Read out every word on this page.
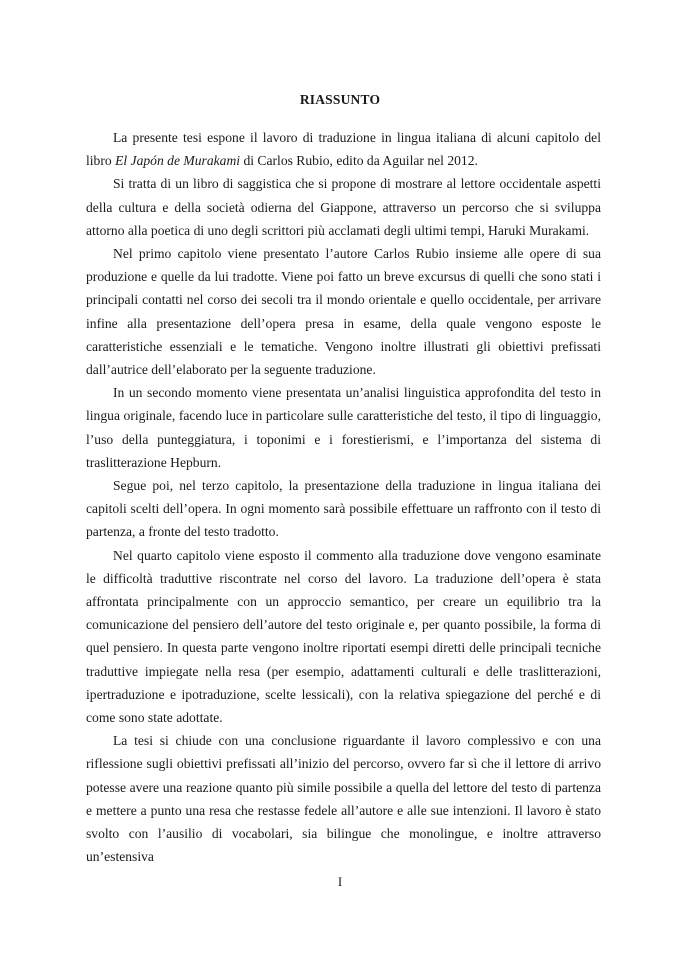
RIASSUNTO

La presente tesi espone il lavoro di traduzione in lingua italiana di alcuni capitolo del libro El Japón de Murakami di Carlos Rubio, edito da Aguilar nel 2012.

Si tratta di un libro di saggistica che si propone di mostrare al lettore occidentale aspetti della cultura e della società odierna del Giappone, attraverso un percorso che si sviluppa attorno alla poetica di uno degli scrittori più acclamati degli ultimi tempi, Haruki Murakami.

Nel primo capitolo viene presentato l’autore Carlos Rubio insieme alle opere di sua produzione e quelle da lui tradotte. Viene poi fatto un breve excursus di quelli che sono stati i principali contatti nel corso dei secoli tra il mondo orientale e quello occidentale, per arrivare infine alla presentazione dell’opera presa in esame, della quale vengono esposte le caratteristiche essenziali e le tematiche. Vengono inoltre illustrati gli obiettivi prefissati dall’autrice dell’elaborato per la seguente traduzione.

In un secondo momento viene presentata un’analisi linguistica approfondita del testo in lingua originale, facendo luce in particolare sulle caratteristiche del testo, il tipo di linguaggio, l’uso della punteggiatura, i toponimi e i forestierismi, e l’importanza del sistema di traslitterazione Hepburn.

Segue poi, nel terzo capitolo, la presentazione della traduzione in lingua italiana dei capitoli scelti dell’opera. In ogni momento sarà possibile effettuare un raffronto con il testo di partenza, a fronte del testo tradotto.

Nel quarto capitolo viene esposto il commento alla traduzione dove vengono esaminate le difficoltà traduttive riscontrate nel corso del lavoro. La traduzione dell’opera è stata affrontata principalmente con un approccio semantico, per creare un equilibrio tra la comunicazione del pensiero dell’autore del testo originale e, per quanto possibile, la forma di quel pensiero. In questa parte vengono inoltre riportati esempi diretti delle principali tecniche traduttive impiegate nella resa (per esempio, adattamenti culturali e delle traslitterazioni, ipertraduzione e ipotraduzione, scelte lessicali), con la relativa spiegazione del perché e di come sono state adottate.

La tesi si chiude con una conclusione riguardante il lavoro complessivo e con una riflessione sugli obiettivi prefissati all’inizio del percorso, ovvero far sì che il lettore di arrivo potesse avere una reazione quanto più simile possibile a quella del lettore del testo di partenza e mettere a punto una resa che restasse fedele all’autore e alle sue intenzioni. Il lavoro è stato svolto con l’ausilio di vocabolari, sia bilingue che monolingue, e inoltre attraverso un’estensiva

I
